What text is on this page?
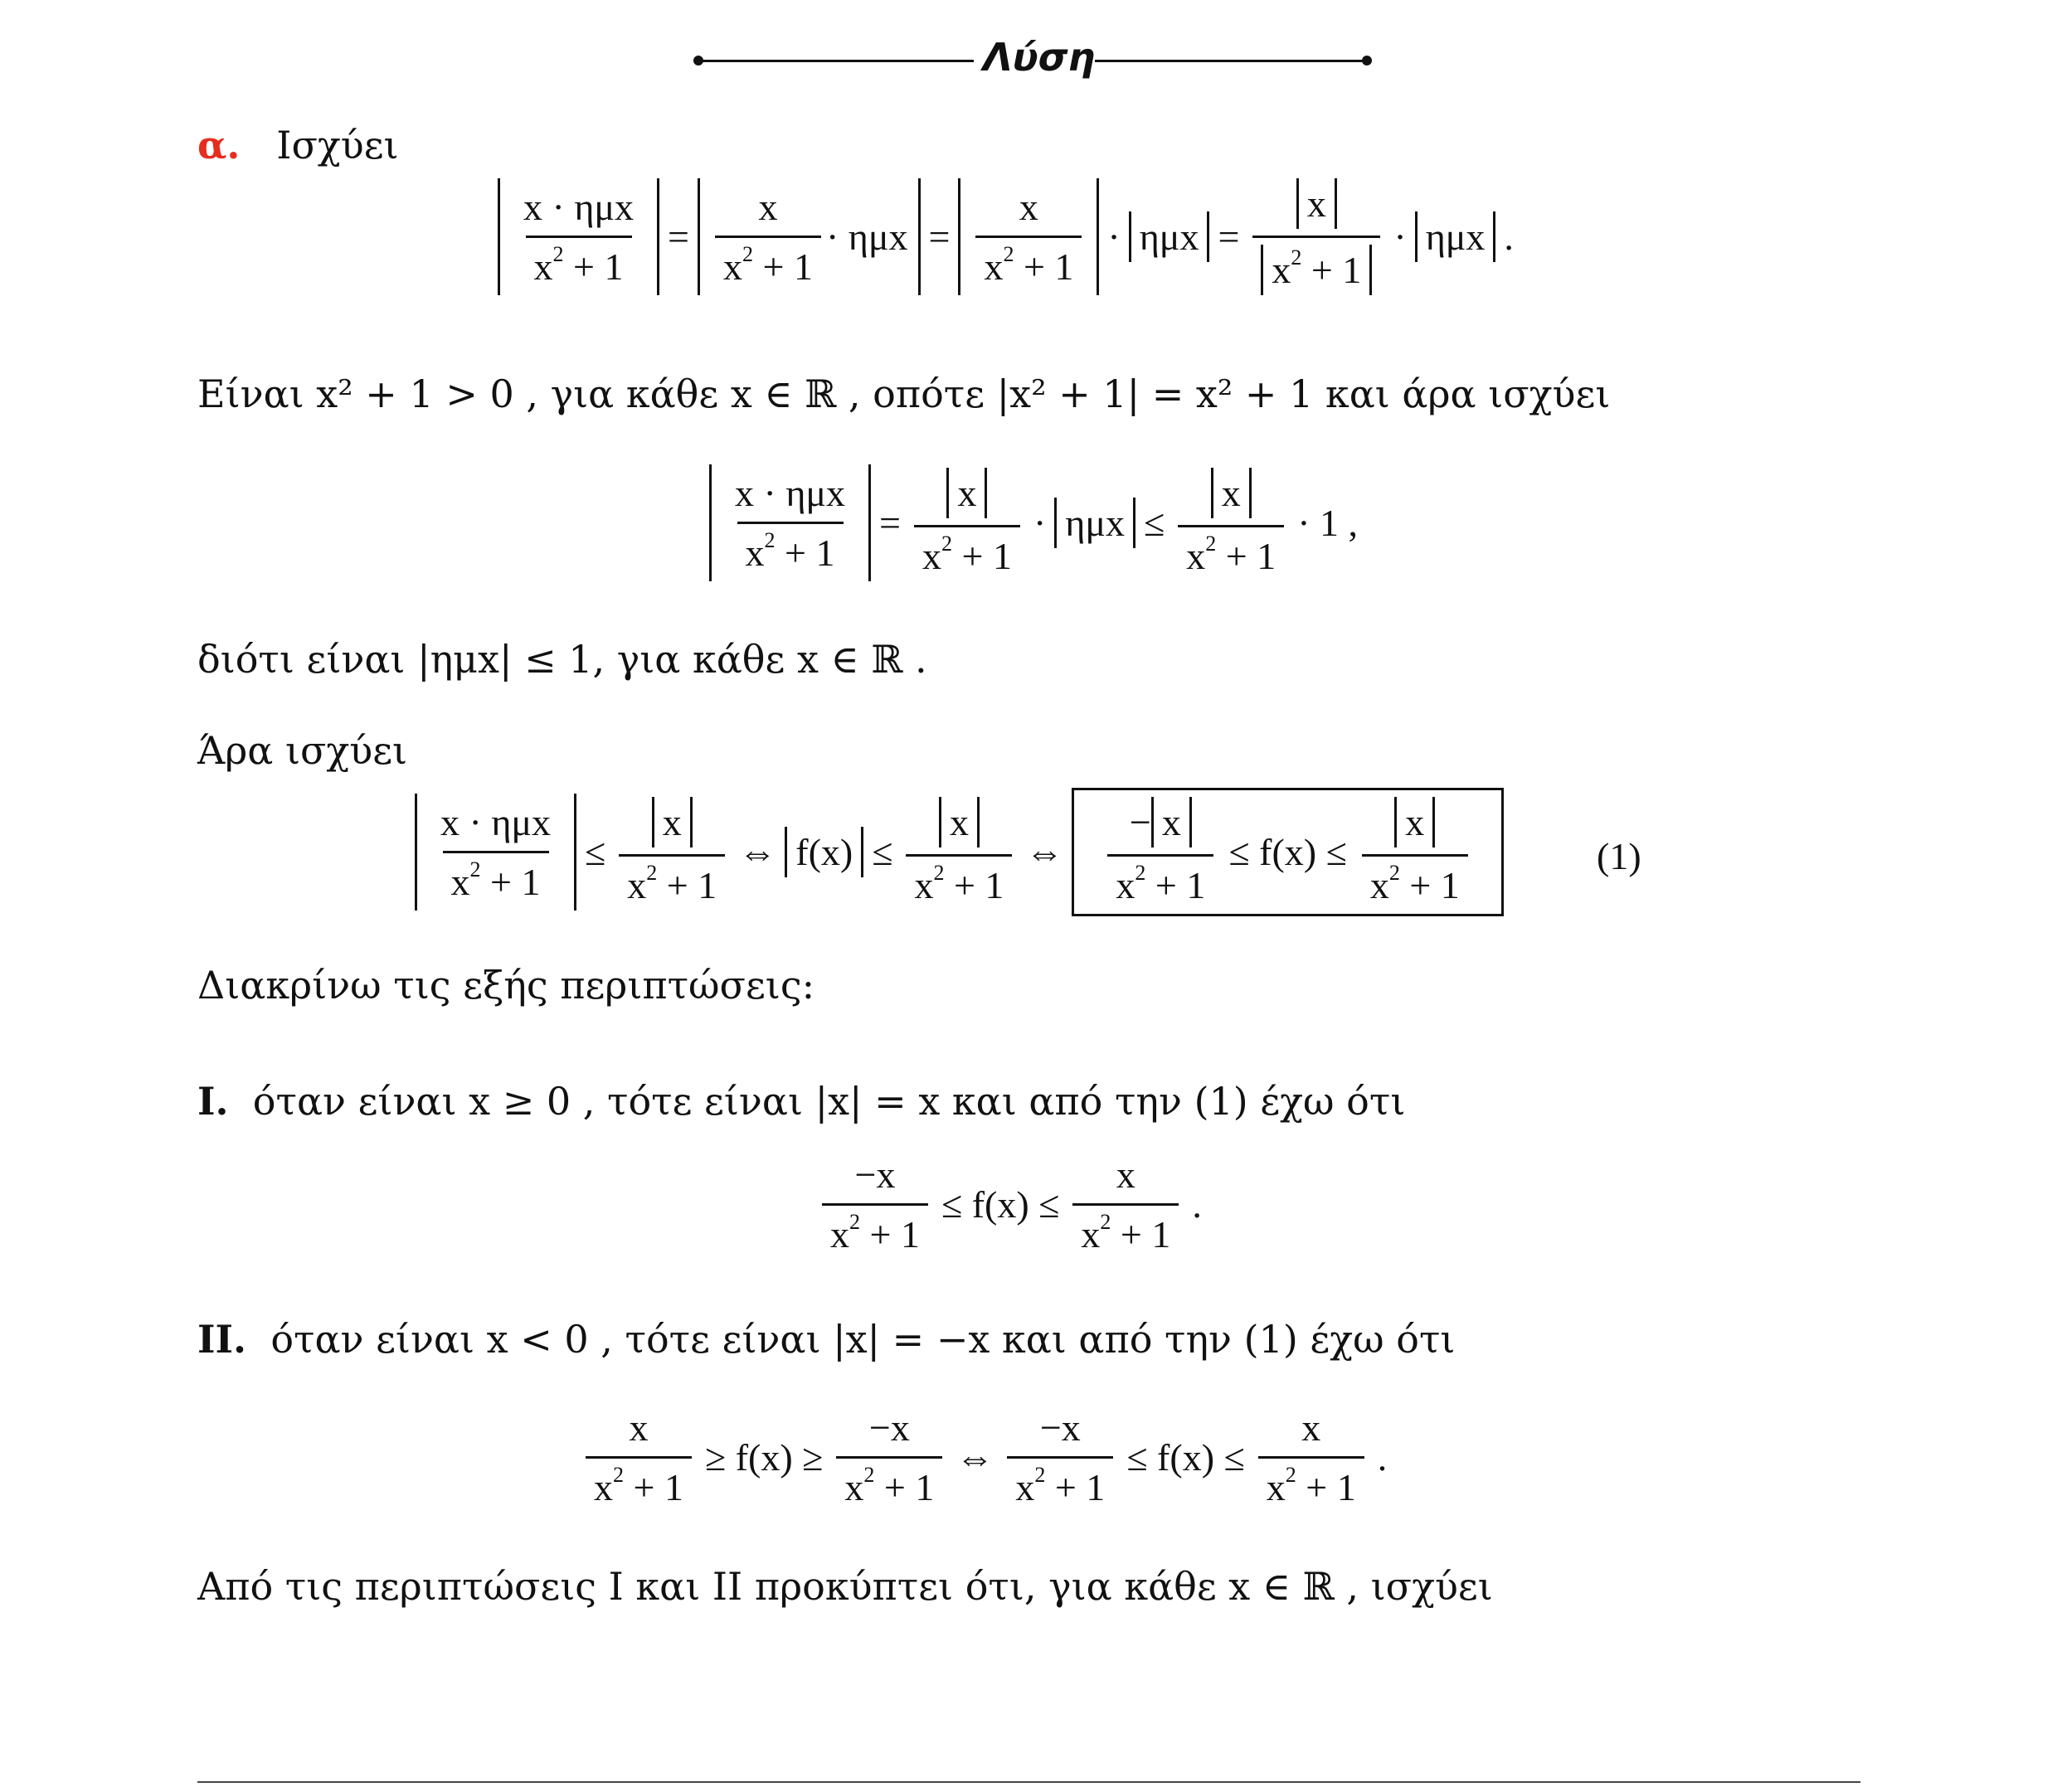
Λύση
α. Ισχύει
$\frac{\text{x · ημx}}{x^2 + 1} = \frac{x}{x^2 + 1} \cdot \eta\mu x = \frac{x}{x^2 + 1} \cdot \eta\mu x = \frac{x}{x^2 + 1} \cdot \eta\mu x$ .
Είναι x² + 1 > 0 , για κάθε x ∈ ℝ , οπότε |x² + 1| = x² + 1 και άρα ισχύει
$\frac{\text{x · ημx}}{x^2 + 1} = \frac{x}{x^2 + 1} \cdot \eta\mu x \le \frac{x}{x^2 + 1} \cdot 1$ ,
διότι είναι |ημx| ≤ 1, για κάθε x ∈ ℝ .
Άρα ισχύει
$\frac{\text{x · ημx}}{x^2 + 1} \le \frac{x}{x^2 + 1}$ ⇔ $f(x) \le \frac{x}{x^2 + 1}$ ⇔ $\frac{- x}{x^2 + 1} \le f(x) \le \frac{x}{x^2 + 1}$	(1)
Διακρίνω τις εξής περιπτώσεις:
I. όταν είναι x ≥ 0 , τότε είναι |x| = x και από την (1) έχω ότι
$\frac{-x}{x^2 + 1} \le f(x) \le \frac{x}{x^2 + 1}$ .
II. όταν είναι x < 0 , τότε είναι |x| = −x και από την (1) έχω ότι
$\frac{x}{x^2 + 1} \ge f(x) \ge \frac{-x}{x^2 + 1}$ ⇔ $\frac{-x}{x^2 + 1} \le f(x) \le \frac{x}{x^2 + 1}$ .
Από τις περιπτώσεις Ι και ΙΙ προκύπτει ότι, για κάθε x ∈ ℝ , ισχύει
